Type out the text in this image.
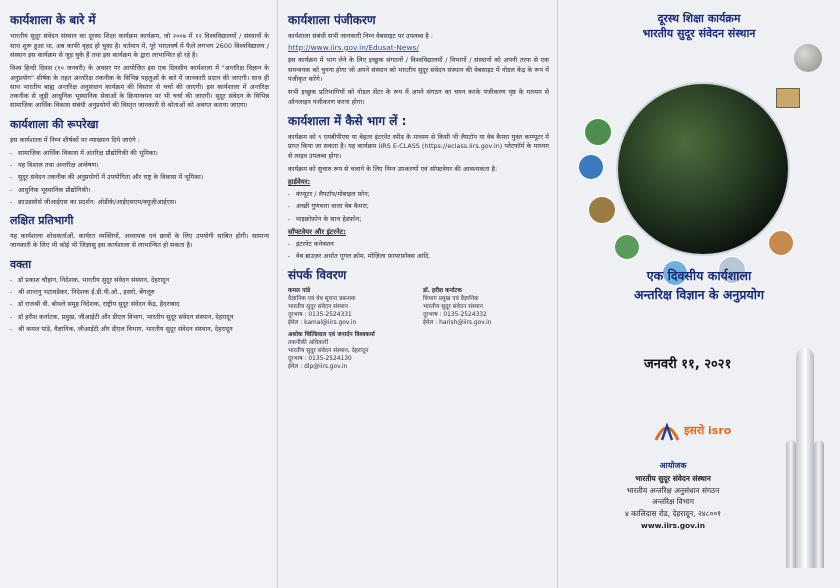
कार्यशाला के बारे में

भारतीय सुदूर संवेदन संस्थान का दूरस्थ शिक्षा कार्यक्रम कार्यक्रम, जो २००७ में १२ विश्वविद्यालयों / संस्थानों के साथ शुरू हुआ था, अब काफी वृहद हो चुका है। वर्तमान में, पूरे भारतवर्ष में फैले लगभग 2600 विश्वविद्यालय / संस्थान इस कार्यक्रम से जुड़ चुके हैं तथा इस कार्यक्रम के द्वारा लाभान्वित हो रहे है।

विश्व हिन्दी दिवस (१० जनवरी) के अवसर पर आयोजित इस एक दिवसीय कार्यशाला में "अन्तरिक्ष विज्ञान के अनुप्रयोग" शीर्षक के तहत अन्तरिक्ष तकनीक के विभिन्न पहलुओं के बारे में जानकारी प्रदान की जाएगी। साथ ही साथ भारतीय बाह्य अन्तरिक्ष अनुसंधान कार्यक्रम की विस्तार से चर्चा की जाएगी। इस कार्यशाला में अन्तरिक्ष तकनीक से जुड़ी आधुनिक भूस्थानिक सेवाओं के क्रियान्वयन पर भी चर्चा की जाएगी। सुदूर संवेदन के विभिन्न सामाजिक आर्थिक विकास संबंधी अनुप्रयोगों की विस्तृत जानकारी से श्रोताओं को अवगत कराया जाएगा।

कार्यशाला की रूपरेखा

इस कार्यशाला में निम्न शीर्षकों पर व्याख्यान दिये जाएंगे :

- सामाजिक आर्थिक विकास में अंतरिक्ष प्रौद्योगिकी की भूमिका।
- यह विशाल तथा अन्तरिक्ष अन्वेषण।
- सुदूर संवेदन तकनीक की अनुप्रयोगों में उपयोगिता और राष्ट्र के विकास में भूमिका।
- आधुनिक भूस्थानिक प्रौद्योगिकी।
- क्राउडसोर्स जीआईएस का प्रदर्शन: ओडीके/आईएसएम/क्यूजीआईएस।
लक्षित प्रतिभागी

यह कार्यशाला शोधकर्ताओं, कार्यरत व्यक्तियों, अध्यापक एवं छात्रों के लिए उपयोगी साबित होगी। सामान्य जानकारी के लिए भी कोई भी जिज्ञासु इस कार्यशाला से लाभान्वित हो सकता है।

वक्ता
- डॉ प्रकाश चौहान, निदेशक, भारतीय सुदूर संवेदन संस्थान, देहरादून
- श्री शान्तनु भटावडेकर, निदेशक ई.डी.पी.ओ., इसरो, बेंगलूरु
- डॉ राजश्री वी. बोथले समूह निदेशक, राष्ट्रीय सुदूर संवेदन केंद्र, हैदराबाद
- डॉ हरीश कर्नाटक, प्रमुख, जीआईटी और डीएल विभाग, भारतीय सुदूर संवेदन संस्थान, देहरादून
- श्री कमल पांडे, वैज्ञानिक, जीआईटी और डीएल विभाग, भारतीय सुदूर संवेदन संस्थान, देहरादून
कार्यशाला पंजीकरण

कार्यशाला संबंधी सभी जानकारी निम्न वेबसाइट पर उपलब्ध है :

http://www.iirs.gov.in/Edusat-News/

इस कार्यक्रम में भाग लेने के लिए इच्छुक संगठनों / विश्वविद्यालयों / विभागों / संस्थानों को अपनी तरफ से एक समन्वयक को चुनना होगा जो अपने संस्थान को भारतीय सुदूर संवेदन संस्थान की वेबसाइट में नोडल केंद्र के रूप में पंजीकृत करेंगे।

सभी इच्छुक प्रतिभागियों को नोडल सेंटर के रूप में अपने संगठन का चयन करके पंजीकरण पृष्ठ के माध्यम से ऑनलाइन पंजीकरण करना होगा।

कार्यशाला में कैसे भाग लें :

कार्यक्रम को ९ एमबीपीएस या बेहतर इंटरनेट स्पीड के माध्यम से किसी भी लैपटॉप या वेब कैमरा युक्त कम्प्यूटर में प्राप्त किया जा सकता है। यह कार्यक्रम IIRS E-CLASS (https://eclass.iirs.gov.in) प्लेटफॉर्म के माध्यम से लाइव उपलब्ध होगा।

कार्यक्रम को सुचारु रूप से चलाने के लिए निम्न उपकरणों एवं सॉफ्टवेयर की आवश्यकता है:

हार्डवेयर:
- कंप्यूटर / लैपटॉप/मोबाइल फ़ोन;
- अच्छी गुणवत्ता वाला वेब कैमरा;
- माइक्रोफ़ोन के साथ हेडफ़ोन;
सॉफ्टवेयर और इंटरनेट:
- इंटरनेट कनेक्शन
- वेब ब्राउज़र अर्थात गूगल क्रोम, मोज़िला फ़ायरफ़ॉक्स आदि.
संपर्क विवरण
कमल पांडे
वैज्ञानिक एवं वेब सूचना प्रबन्धक
भारतीय सुदूर संवेदन संस्थान
दूरभाष : 0135-2524331
ईमेल : kamal@iirs.gov.in
डॉ. हरीश कर्नाटक
विभाग प्रमुख एवं वैज्ञानिक
भारतीय सुदूर संवेदन संस्थान
दूरभाष : 0135-2524332
ईमेल : harish@iirs.gov.in
अशोक चिल्डियाल एवं जनार्दन विश्वकर्मा
तकनीकी अधिकारी
भारतीय सुदूर संवेदन संस्थान, देहरादून
दूरभाष : 0135-2524130
ईमेल : dlp@iirs.gov.in
दूरस्थ शिक्षा कार्यक्रम
भारतीय सुदूर संवेदन संस्थान
एक दिवसीय कार्यशाला
अन्तरिक्ष विज्ञान के अनुप्रयोग
जनवरी ११, २०२१
इसरो isro
आयोजक
भारतीय सुदूर संवेदन संस्थान
भारतीय अन्तरिक्ष अनुसंधान संगठन
अन्तरिक्ष विभाग
४ कालिदास रोड, देहरादून, २४८००१
www.iirs.gov.in
